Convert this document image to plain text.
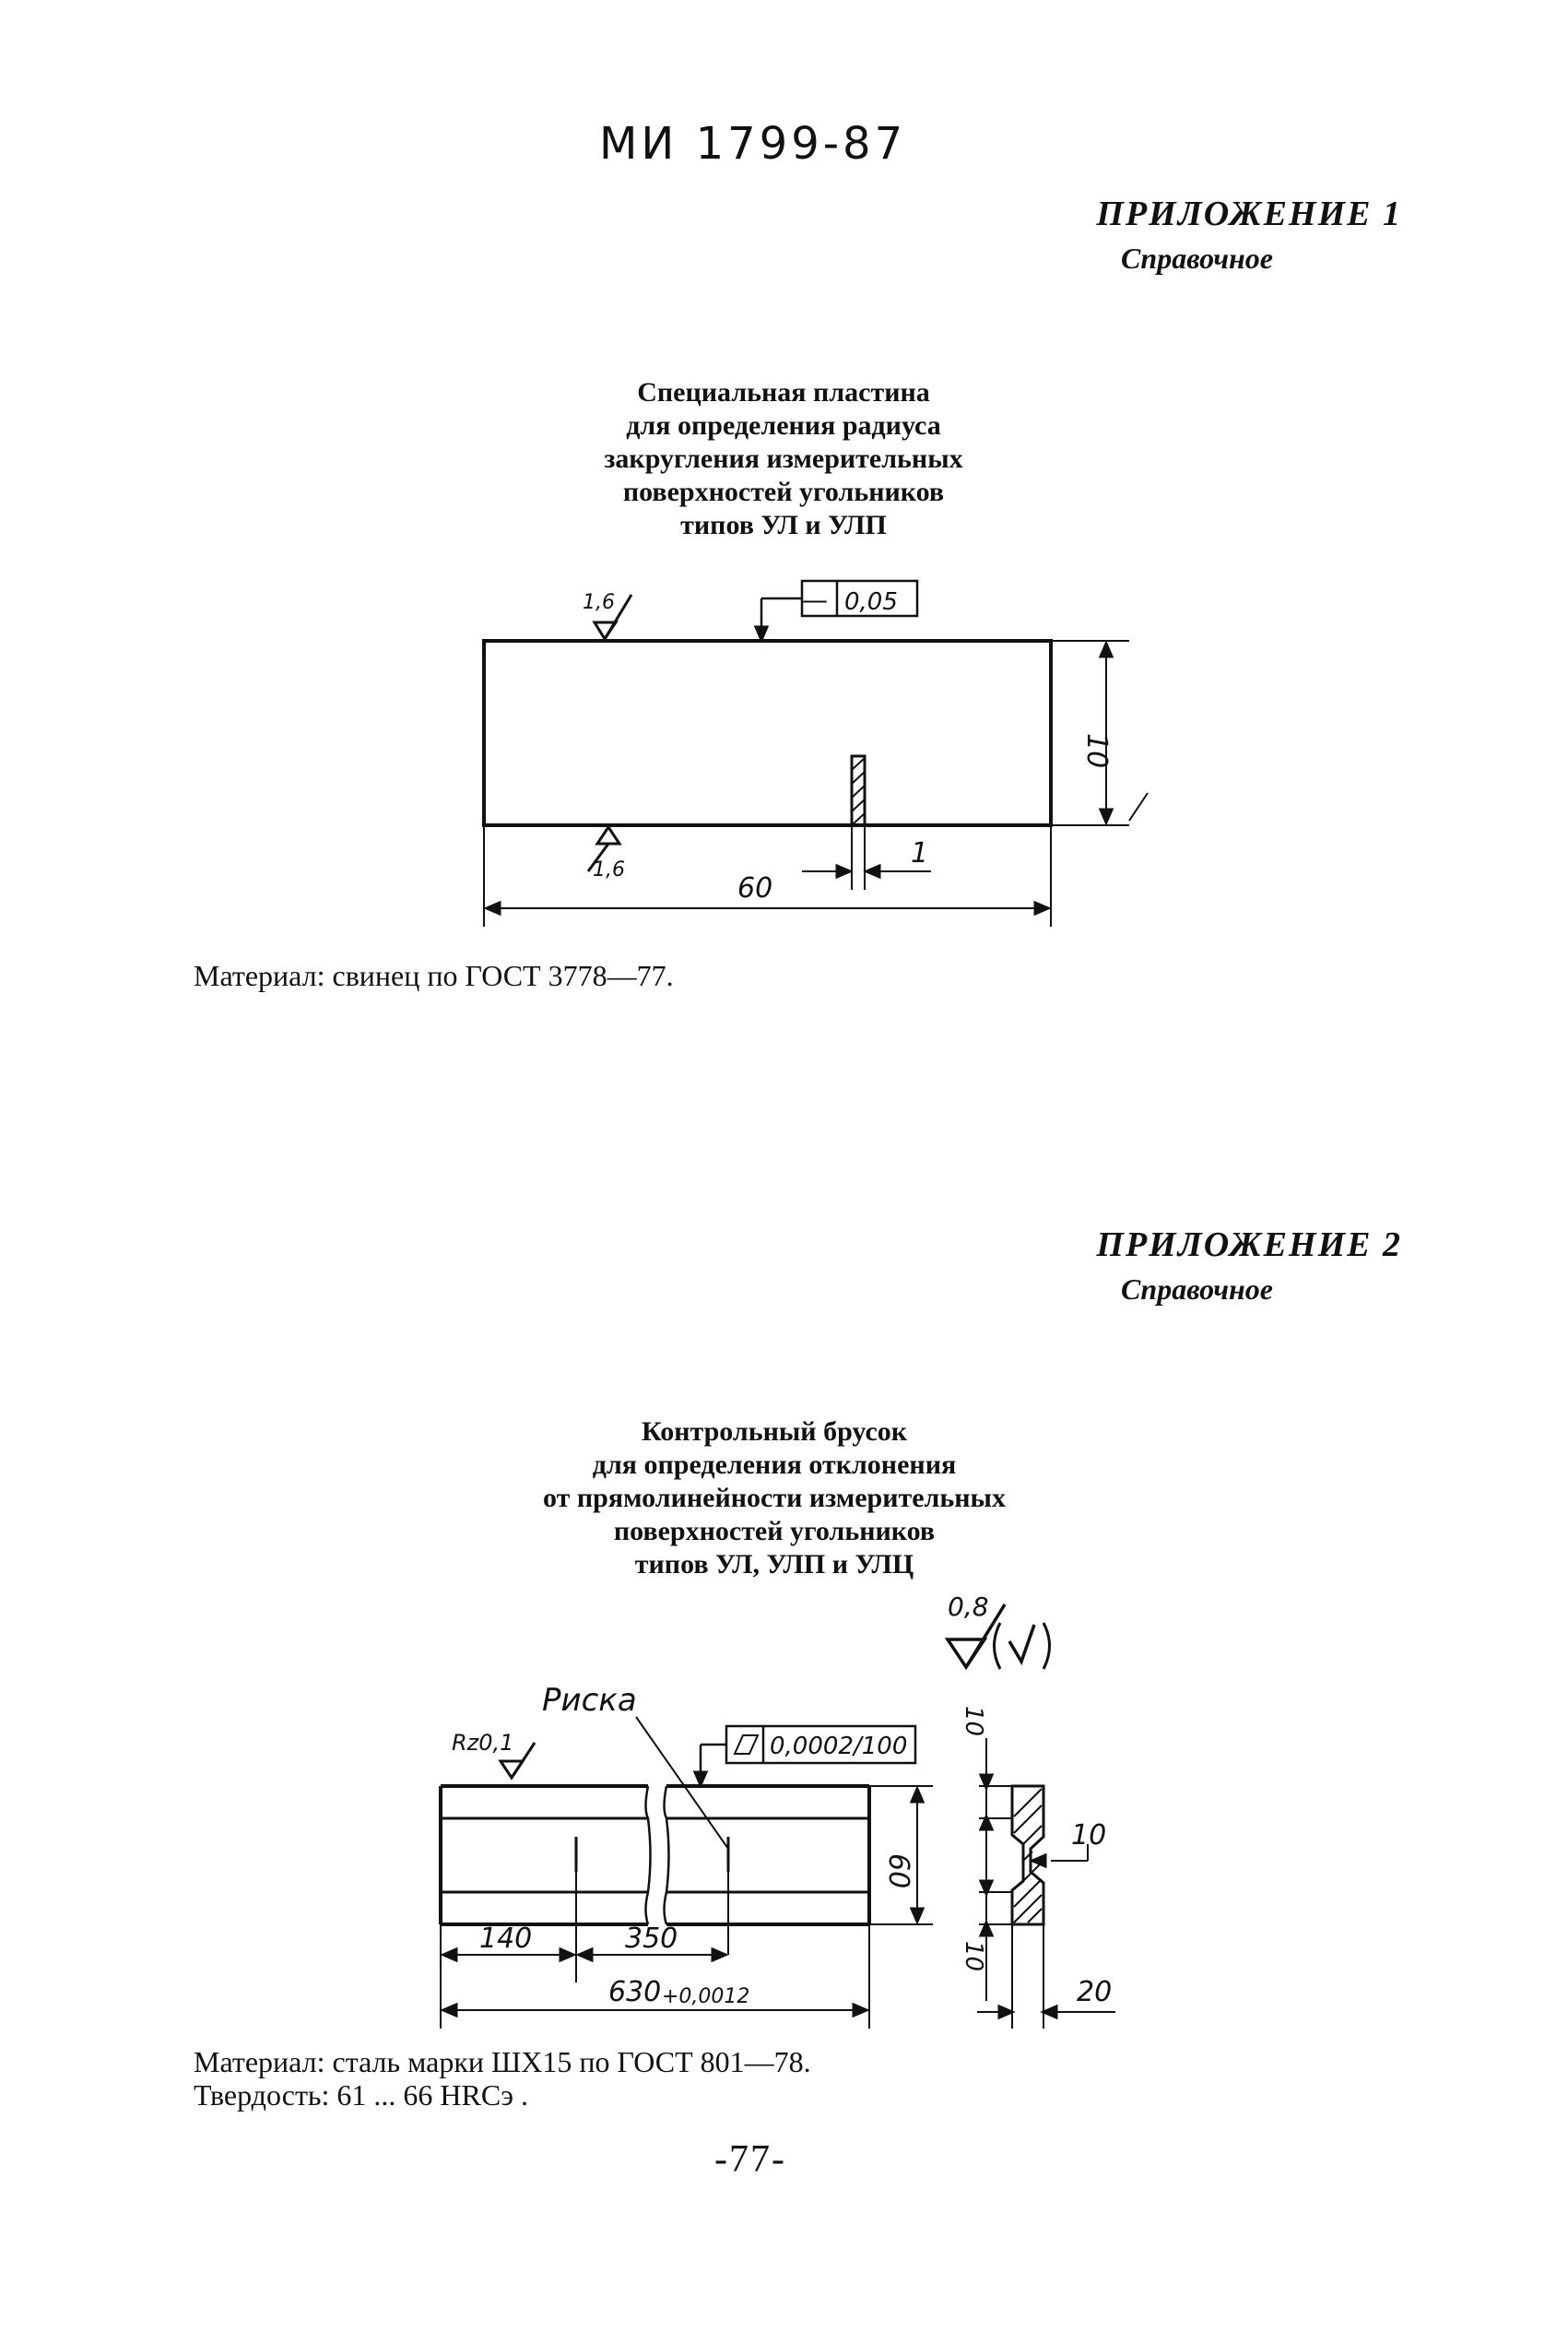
МИ 1799-87
ПРИЛОЖЕНИЕ 1
Справочное
Специальная пластина
для определения радиуса
закругления измерительных
поверхностей угольников
типов УЛ и УЛП
1,6	— 0,05
1,6
10
60
1
Материал: свинец по ГОСТ 3778—77.
ПРИЛОЖЕНИЕ 2
Справочное
Контрольный брусок
для определения отклонения
от прямолинейности измерительных
поверхностей угольников
типов УЛ, УЛП и УЛЦ
0,8
Риска
Rz0,1	0,0002/100
140	350
630 +0,0012
60
10
10
10
20
Материал: сталь марки ШХ15 по ГОСТ 801—78.
Твердость: 61 ... 66 HRCэ .
-77-
